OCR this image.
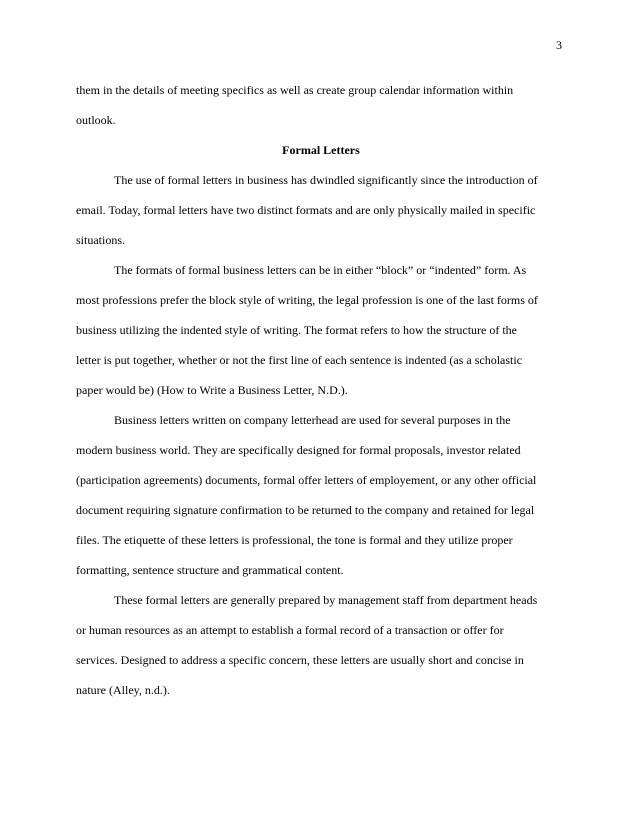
3
them in the details of meeting specifics as well as create group calendar information within
outlook.
Formal Letters
The use of formal letters in business has dwindled significantly since the introduction of
email. Today, formal letters have two distinct formats and are only physically mailed in specific
situations.
The formats of formal business letters can be in either “block” or “indented” form. As
most professions prefer the block style of writing, the legal profession is one of the last forms of
business utilizing the indented style of writing. The format refers to how the structure of the
letter is put together, whether or not the first line of each sentence is indented (as a scholastic
paper would be) (How to Write a Business Letter, N.D.).
Business letters written on company letterhead are used for several purposes in the
modern business world. They are specifically designed for formal proposals, investor related
(participation agreements) documents, formal offer letters of employement, or any other official
document requiring signature confirmation to be returned to the company and retained for legal
files. The etiquette of these letters is professional, the tone is formal and they utilize proper
formatting, sentence structure and grammatical content.
These formal letters are generally prepared by management staff from department heads
or human resources as an attempt to establish a formal record of a transaction or offer for
services. Designed to address a specific concern, these letters are usually short and concise in
nature (Alley, n.d.).
